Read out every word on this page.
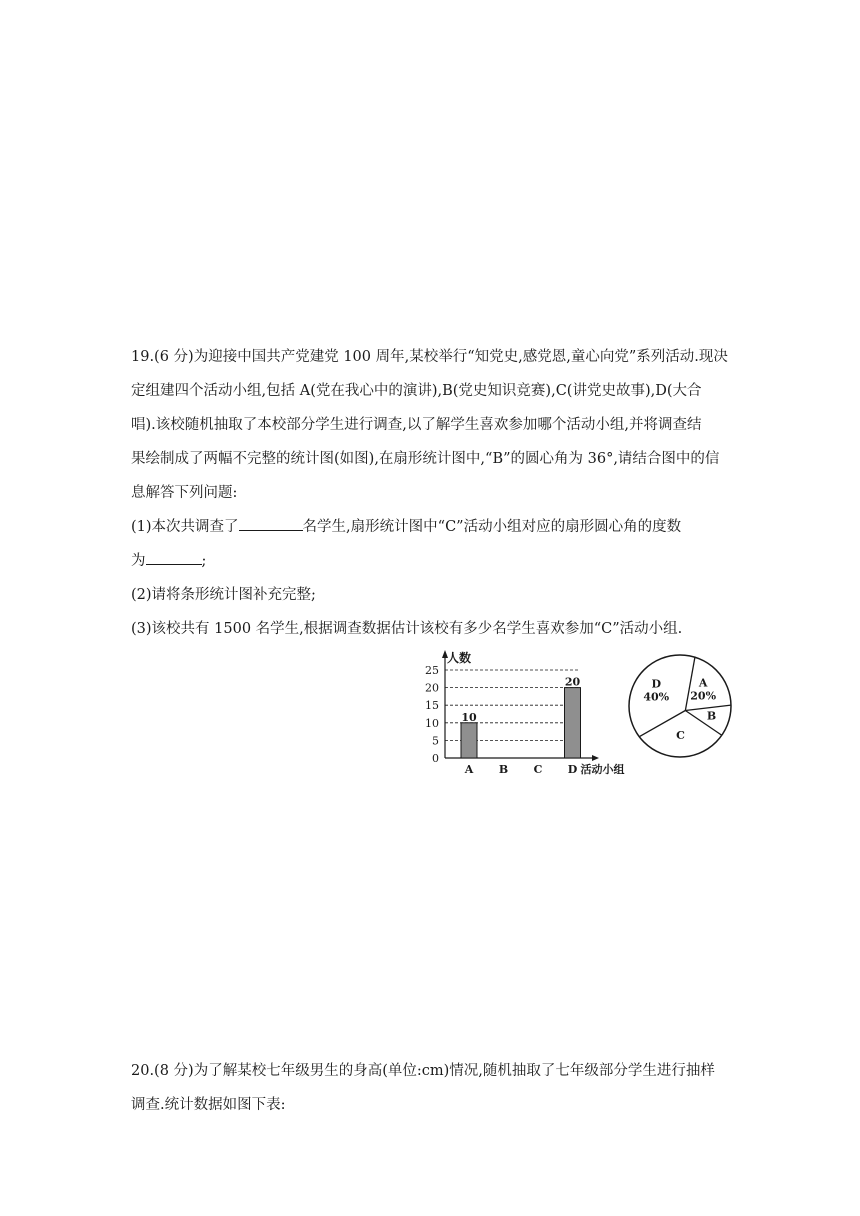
19.(6 分)为迎接中国共产党建党 100 周年,某校举行“知党史,感党恩,童心向党”系列活动.现决
定组建四个活动小组,包括 A(党在我心中的演讲),B(党史知识竞赛),C(讲党史故事),D(大合
唱).该校随机抽取了本校部分学生进行调查,以了解学生喜欢参加哪个活动小组,并将调查结
果绘制成了两幅不完整的统计图(如图),在扇形统计图中,“B”的圆心角为 36°,请结合图中的信
息解答下列问题:
(1)本次共调查了	名学生,扇形统计图中“C”活动小组对应的扇形圆心角的度数
为	;
(2)请将条形统计图补充完整;
(3)该校共有 1500 名学生,根据调查数据估计该校有多少名学生喜欢参加“C”活动小组.
0
5
10
15
20
25
人数
A
10
B C D
20
活动小组
A
20%
B
C
D
40%
20.(8 分)为了解某校七年级男生的身高(单位:cm)情况,随机抽取了七年级部分学生进行抽样
调查.统计数据如图下表:
